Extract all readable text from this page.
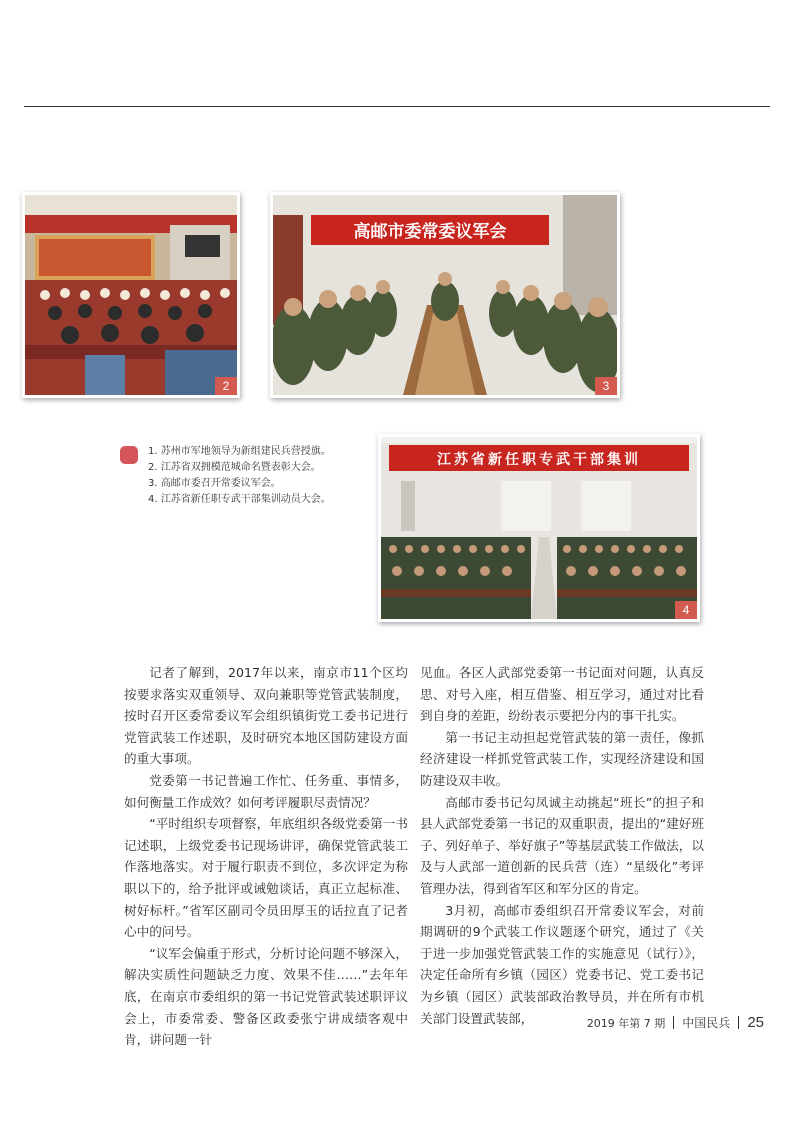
2
高邮市委常委议军会
3
江苏省新任职专武干部集训
4
1. 苏州市军地领导为新组建民兵营授旗。
2. 江苏省双拥模范城命名暨表彰大会。
3. 高邮市委召开常委议军会。
4. 江苏省新任职专武干部集训动员大会。

记者了解到，2017年以来，南京市11个区均按要求落实双重领导、双向兼职等党管武装制度，按时召开区委常委议军会组织镇街党工委书记进行党管武装工作述职，及时研究本地区国防建设方面的重大事项。

党委第一书记普遍工作忙、任务重、事情多，如何衡量工作成效？如何考评履职尽责情况？

“平时组织专项督察，年底组织各级党委第一书记述职，上级党委书记现场讲评，确保党管武装工作落地落实。对于履行职责不到位，多次评定为称职以下的，给予批评或诫勉谈话，真正立起标准、树好标杆。”省军区副司令员田厚玉的话拉直了记者心中的问号。

“议军会偏重于形式，分析讨论问题不够深入，解决实质性问题缺乏力度、效果不佳……”去年年底，在南京市委组织的第一书记党管武装述职评议会上，市委常委、警备区政委张宁讲成绩客观中肯，讲问题一针

见血。各区人武部党委第一书记面对问题，认真反思、对号入座，相互借鉴、相互学习，通过对比看到自身的差距，纷纷表示要把分内的事干扎实。

第一书记主动担起党管武装的第一责任，像抓经济建设一样抓党管武装工作，实现经济建设和国防建设双丰收。

高邮市委书记勾凤诚主动挑起“班长”的担子和县人武部党委第一书记的双重职责，提出的“建好班子、列好单子、举好旗子”等基层武装工作做法，以及与人武部一道创新的民兵营（连）“星级化”考评管理办法，得到省军区和军分区的肯定。

3月初，高邮市委组织召开常委议军会，对前期调研的9个武装工作议题逐个研究，通过了《关于进一步加强党管武装工作的实施意见（试行）》，决定任命所有乡镇（园区）党委书记、党工委书记为乡镇（园区）武装部政治教导员，并在所有市机关部门设置武装部，	2019 年第 7 期 中国民兵 25
